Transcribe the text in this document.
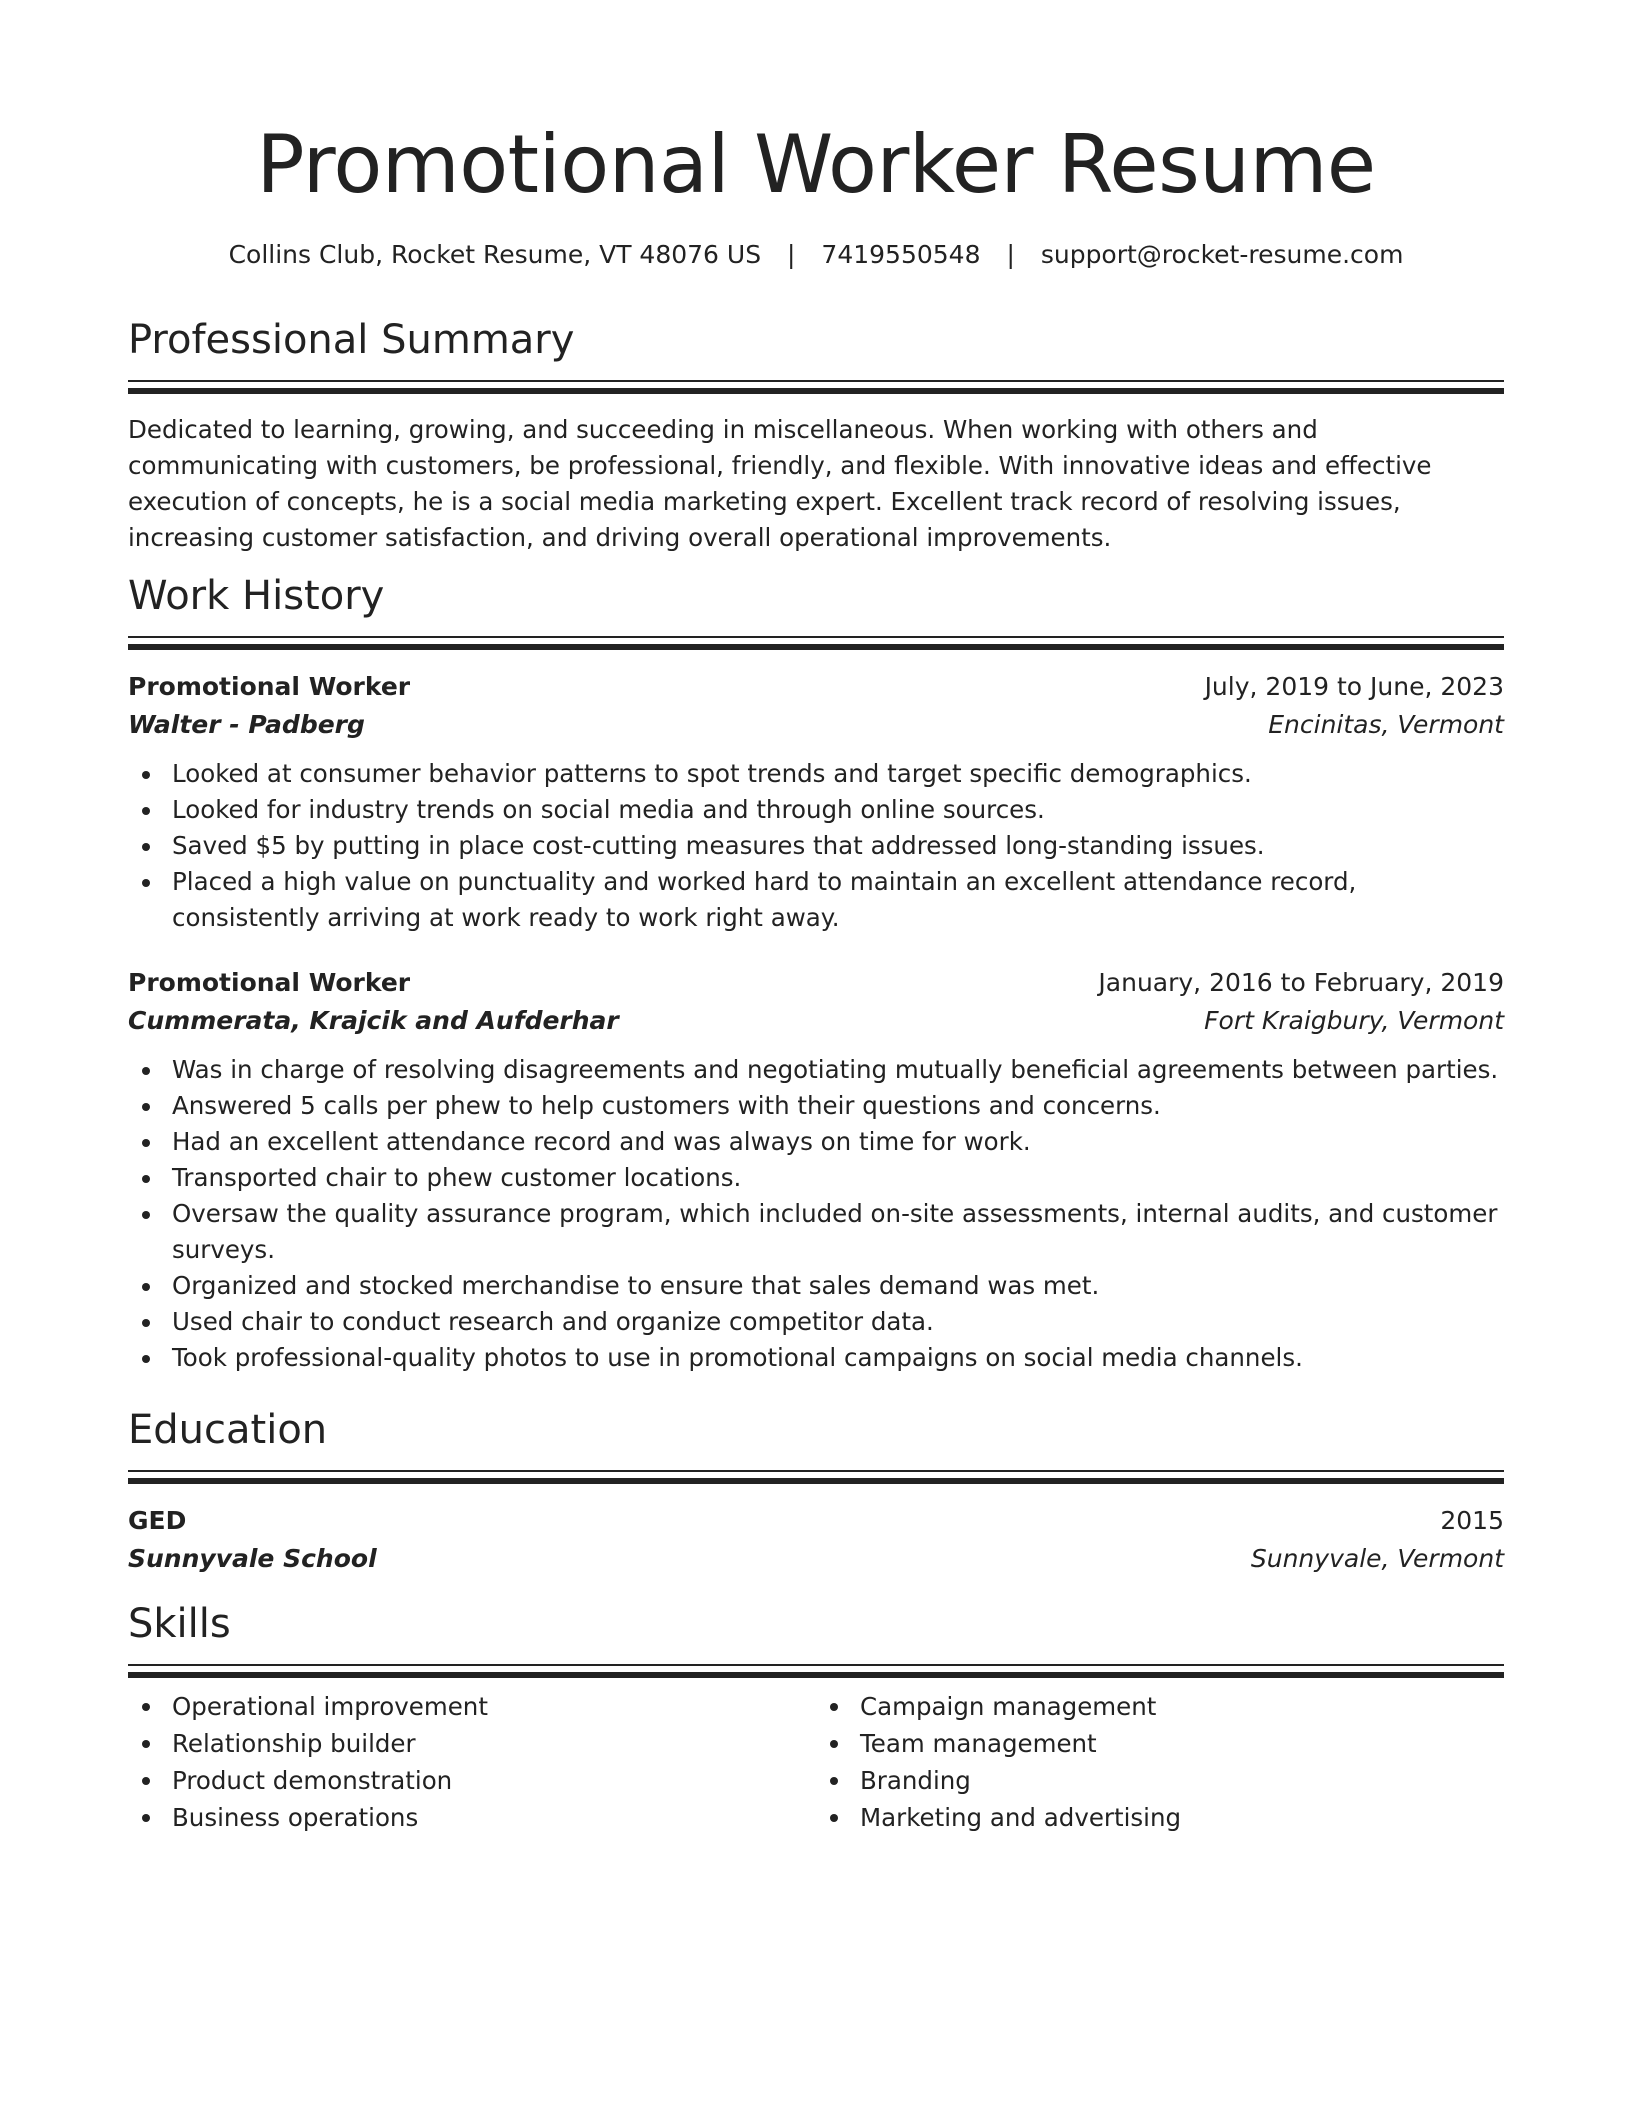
Promotional Worker Resume
Collins Club, Rocket Resume, VT 48076 US | 7419550548 | support@rocket-resume.com
Professional Summary

Dedicated to learning, growing, and succeeding in miscellaneous. When working with others and communicating with customers, be professional, friendly, and flexible. With innovative ideas and effective execution of concepts, he is a social media marketing expert. Excellent track record of resolving issues, increasing customer satisfaction, and driving overall operational improvements.

Work History
Promotional Worker	July, 2019 to June, 2023
Walter - Padberg	Encinitas, Vermont
Looked at consumer behavior patterns to spot trends and target specific demographics.
Looked for industry trends on social media and through online sources.
Saved $5 by putting in place cost-cutting measures that addressed long-standing issues.
Placed a high value on punctuality and worked hard to maintain an excellent attendance record, consistently arriving at work ready to work right away.
Promotional Worker	January, 2016 to February, 2019
Cummerata, Krajcik and Aufderhar	Fort Kraigbury, Vermont
Was in charge of resolving disagreements and negotiating mutually beneficial agreements between parties.
Answered 5 calls per phew to help customers with their questions and concerns.
Had an excellent attendance record and was always on time for work.
Transported chair to phew customer locations.
Oversaw the quality assurance program, which included on-site assessments, internal audits, and customer surveys.
Organized and stocked merchandise to ensure that sales demand was met.
Used chair to conduct research and organize competitor data.
Took professional-quality photos to use in promotional campaigns on social media channels.
Education
GED	2015
Sunnyvale School	Sunnyvale, Vermont
Skills
Operational improvement
Relationship builder
Product demonstration
Business operations
Campaign management
Team management
Branding
Marketing and advertising
